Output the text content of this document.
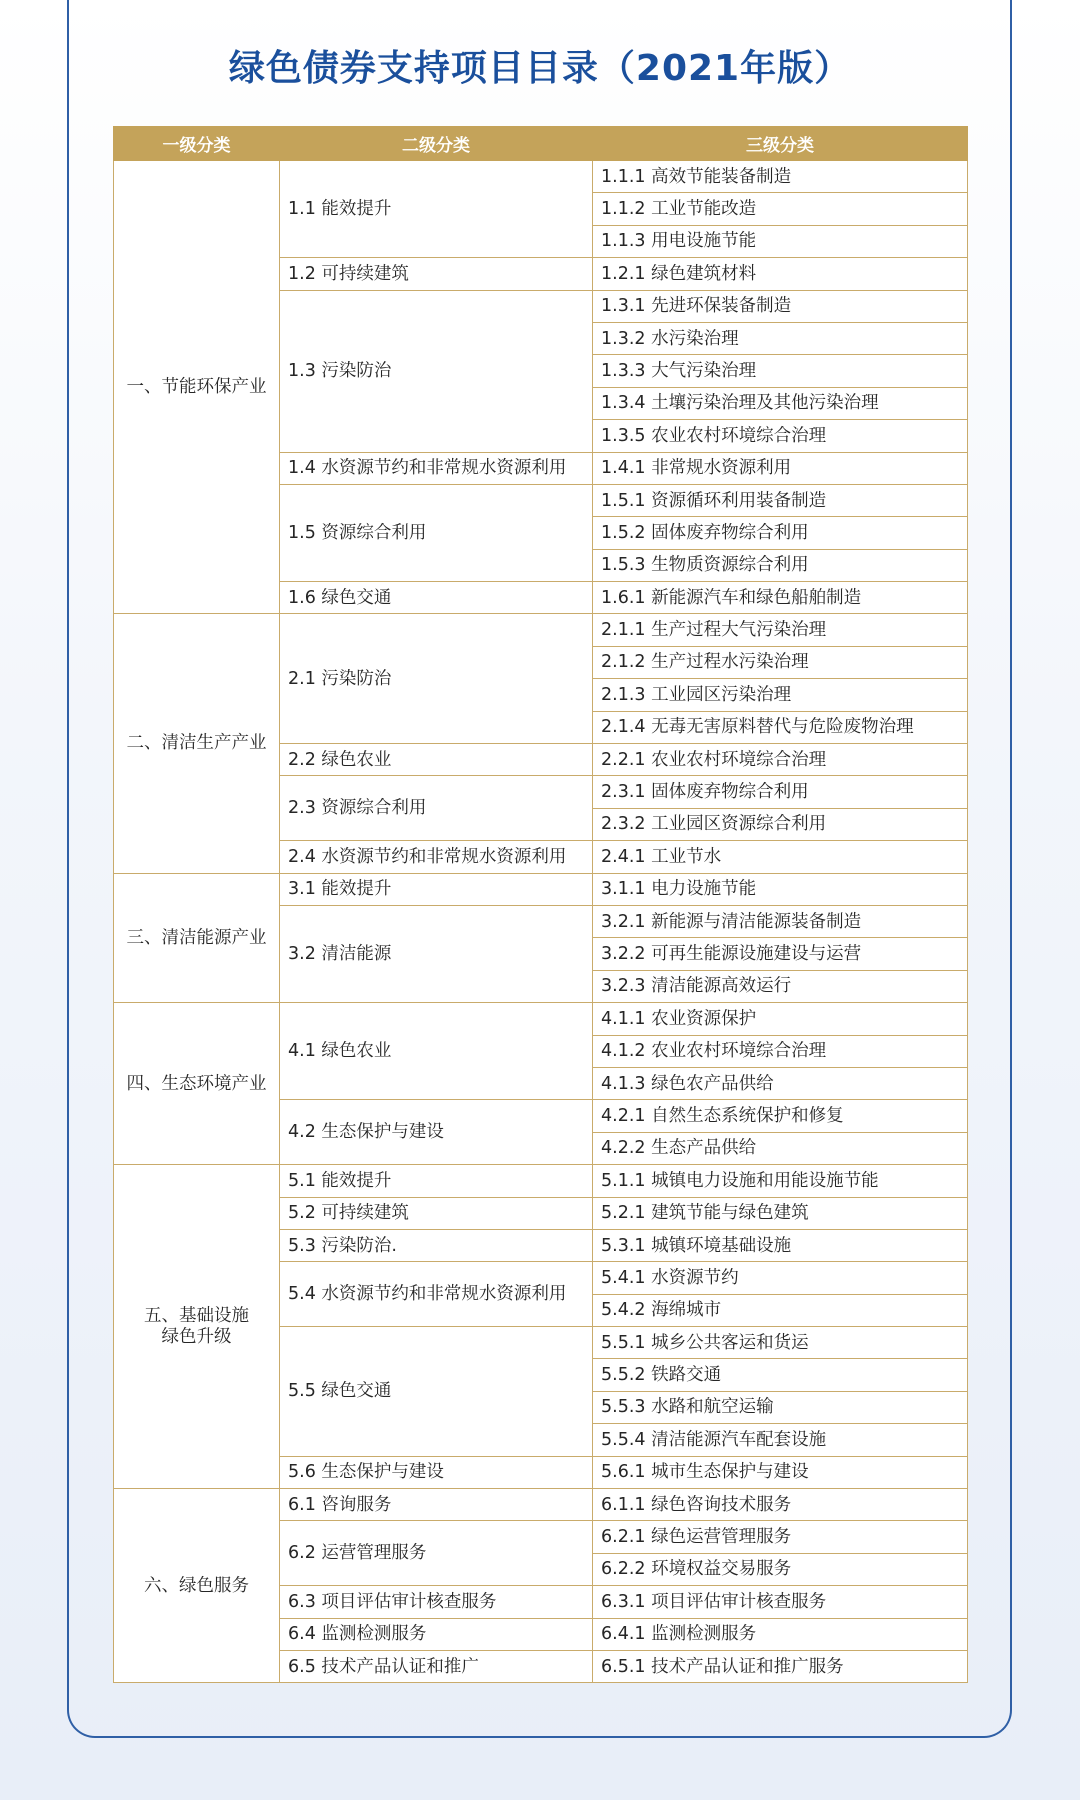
绿色债券支持项目目录（2021年版）
一级分类	二级分类	三级分类
一、节能环保产业	1.1 能效提升	1.1.1 高效节能装备制造
		1.1.2 工业节能改造
		1.1.3 用电设施节能
	1.2 可持续建筑	1.2.1 绿色建筑材料
	1.3 污染防治	1.3.1 先进环保装备制造
		1.3.2 水污染治理
		1.3.3 大气污染治理
		1.3.4 土壤污染治理及其他污染治理
		1.3.5 农业农村环境综合治理
	1.4 水资源节约和非常规水资源利用	1.4.1 非常规水资源利用
	1.5 资源综合利用	1.5.1 资源循环利用装备制造
		1.5.2 固体废弃物综合利用
		1.5.3 生物质资源综合利用
	1.6 绿色交通	1.6.1 新能源汽车和绿色船舶制造
二、清洁生产产业	2.1 污染防治	2.1.1 生产过程大气污染治理
		2.1.2 生产过程水污染治理
		2.1.3 工业园区污染治理
		2.1.4 无毒无害原料替代与危险废物治理
	2.2 绿色农业	2.2.1 农业农村环境综合治理
	2.3 资源综合利用	2.3.1 固体废弃物综合利用
		2.3.2 工业园区资源综合利用
	2.4 水资源节约和非常规水资源利用	2.4.1 工业节水
三、清洁能源产业	3.1 能效提升	3.1.1 电力设施节能
	3.2 清洁能源	3.2.1 新能源与清洁能源装备制造
		3.2.2 可再生能源设施建设与运营
		3.2.3 清洁能源高效运行
四、生态环境产业	4.1 绿色农业	4.1.1 农业资源保护
		4.1.2 农业农村环境综合治理
		4.1.3 绿色农产品供给
	4.2 生态保护与建设	4.2.1 自然生态系统保护和修复
		4.2.2 生态产品供给

五、基础设施
绿色升级	5.1 能效提升	5.1.1 城镇电力设施和用能设施节能
	5.2 可持续建筑	5.2.1 建筑节能与绿色建筑
	5.3 污染防治.	5.3.1 城镇环境基础设施
	5.4 水资源节约和非常规水资源利用	5.4.1 水资源节约
		5.4.2 海绵城市
	5.5 绿色交通	5.5.1 城乡公共客运和货运
		5.5.2 铁路交通
		5.5.3 水路和航空运输
		5.5.4 清洁能源汽车配套设施
	5.6 生态保护与建设	5.6.1 城市生态保护与建设
六、绿色服务	6.1 咨询服务	6.1.1 绿色咨询技术服务
	6.2 运营管理服务	6.2.1 绿色运营管理服务
		6.2.2 环境权益交易服务
	6.3 项目评估审计核查服务	6.3.1 项目评估审计核查服务
	6.4 监测检测服务	6.4.1 监测检测服务
	6.5 技术产品认证和推广	6.5.1 技术产品认证和推广服务
